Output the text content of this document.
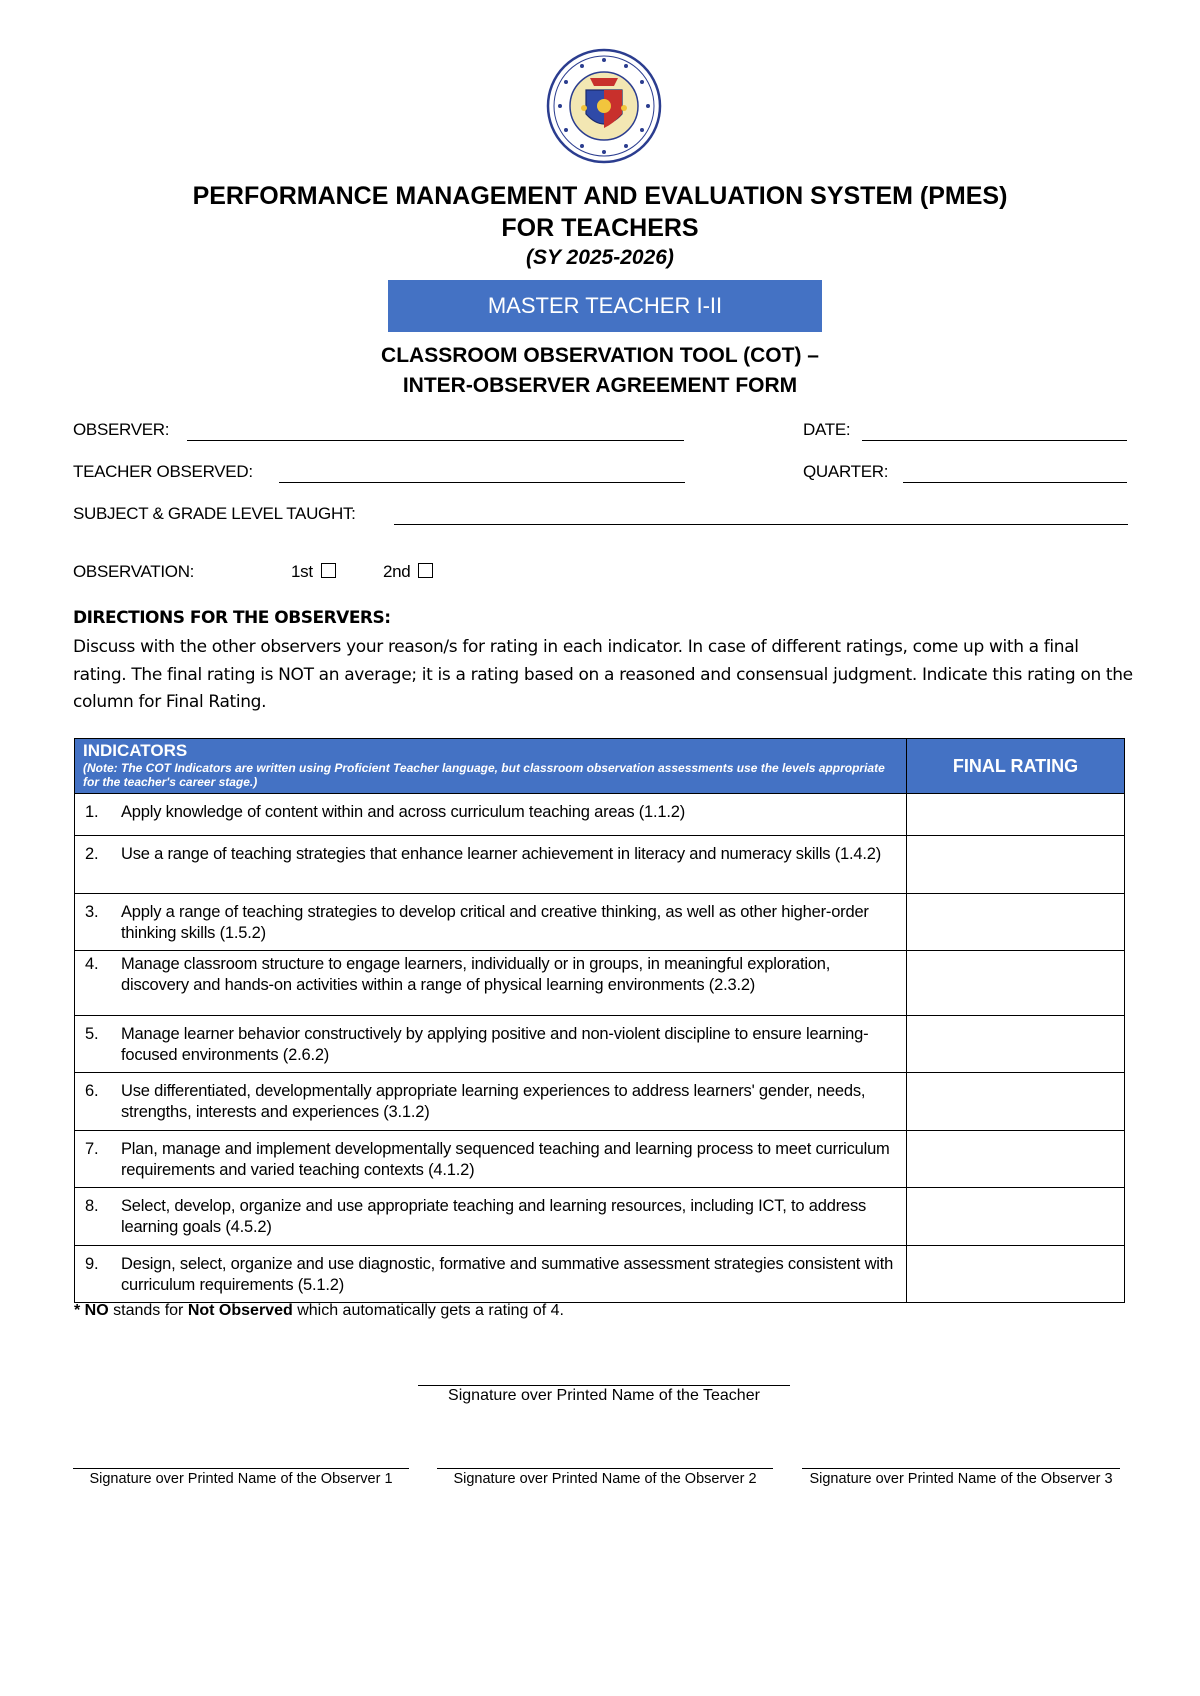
PERFORMANCE MANAGEMENT AND EVALUATION SYSTEM (PMES)
FOR TEACHERS
(SY 2025-2026)
MASTER TEACHER I-II
CLASSROOM OBSERVATION TOOL (COT) –
INTER-OBSERVER AGREEMENT FORM
OBSERVER:	DATE:
TEACHER OBSERVED:	QUARTER:
SUBJECT & GRADE LEVEL TAUGHT:
OBSERVATION:	1st	2nd
DIRECTIONS FOR THE OBSERVERS:
Discuss with the other observers your reason/s for rating in each indicator. In case of different ratings, come up with a final rating. The final rating is NOT an average; it is a rating based on a reasoned and consensual judgment. Indicate this rating on the column for Final Rating.
INDICATORS
(Note: The COT Indicators are written using Proficient Teacher language, but classroom observation assessments use the levels appropriate for the teacher's career stage.)	FINAL RATING

1. Apply knowledge of content within and across curriculum teaching areas (1.1.2)	

2. Use a range of teaching strategies that enhance learner achievement in literacy and numeracy skills (1.4.2)	

3. Apply a range of teaching strategies to develop critical and creative thinking, as well as other higher-order thinking skills (1.5.2)	

4. Manage classroom structure to engage learners, individually or in groups, in meaningful exploration, discovery and hands-on activities within a range of physical learning environments (2.3.2)	

5. Manage learner behavior constructively by applying positive and non-violent discipline to ensure learning-focused environments (2.6.2)	

6. Use differentiated, developmentally appropriate learning experiences to address learners' gender, needs, strengths, interests and experiences (3.1.2)	

7. Plan, manage and implement developmentally sequenced teaching and learning process to meet curriculum requirements and varied teaching contexts (4.1.2)	

8. Select, develop, organize and use appropriate teaching and learning resources, including ICT, to address learning goals (4.5.2)	

9. Design, select, organize and use diagnostic, formative and summative assessment strategies consistent with curriculum requirements (5.1.2)	

* NO stands for Not Observed which automatically gets a rating of 4.
Signature over Printed Name of the Teacher
Signature over Printed Name of the Observer 1	Signature over Printed Name of the Observer 2	Signature over Printed Name of the Observer 3
